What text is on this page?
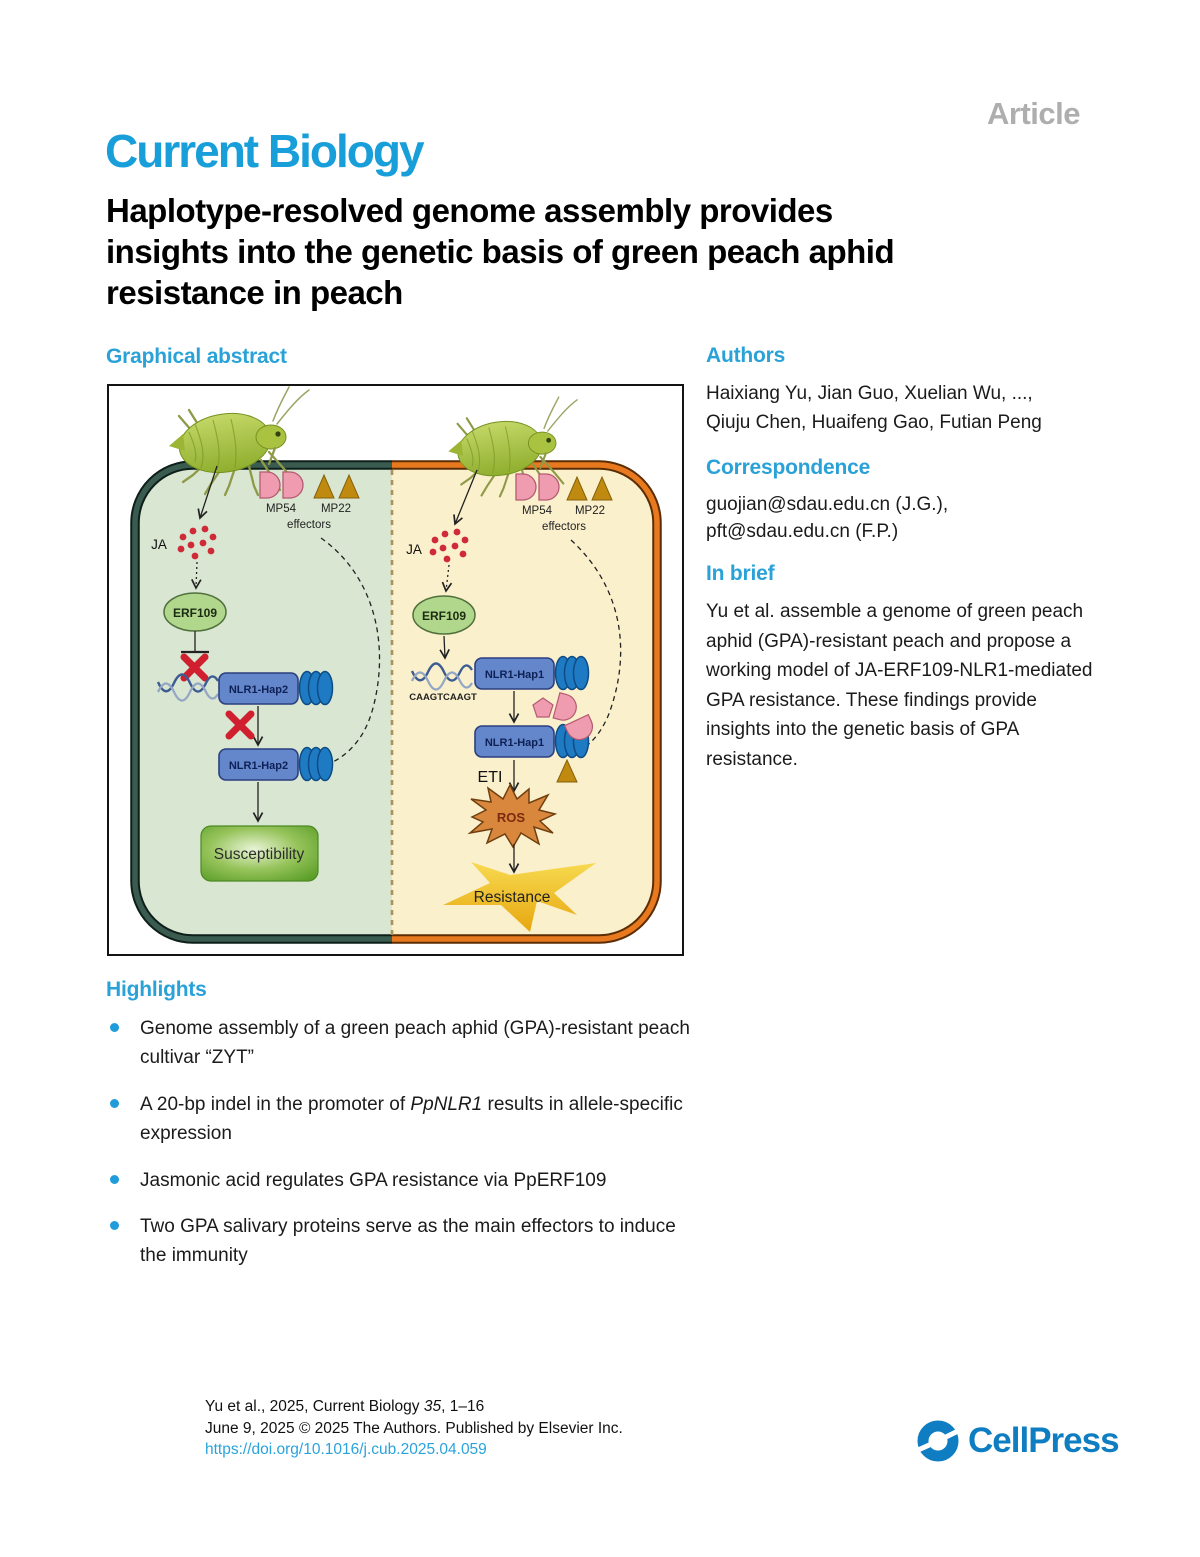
Article
Current Biology
Haplotype-resolved genome assembly provides
insights into the genetic basis of green peach aphid
resistance in peach
Graphical abstract
MP54 MP22
effectors
JA
ERF109
NLR1-Hap2
NLR1-Hap2
Susceptibility
MP54 MP22
effectors
JA
ERF109
CAAGTCAAGT
NLR1-Hap1
NLR1-Hap1
ETI
ROS
Resistance
Authors
Haixiang Yu, Jian Guo, Xuelian Wu, ...,
Qiuju Chen, Huaifeng Gao, Futian Peng
Correspondence
guojian@sdau.edu.cn (J.G.),
pft@sdau.edu.cn (F.P.)
In brief
Yu et al. assemble a genome of green peach aphid (GPA)-resistant peach and propose a working model of JA-ERF109-NLR1-mediated GPA resistance. These findings provide insights into the genetic basis of GPA resistance.
Highlights
Genome assembly of a green peach aphid (GPA)-resistant peach cultivar “ZYT”
A 20-bp indel in the promoter of PpNLR1 results in allele-specific expression
Jasmonic acid regulates GPA resistance via PpERF109
Two GPA salivary proteins serve as the main effectors to induce the immunity
Yu et al., 2025, Current Biology 35, 1–16
June 9, 2025 © 2025 The Authors. Published by Elsevier Inc.
https://doi.org/10.1016/j.cub.2025.04.059	CellPress
